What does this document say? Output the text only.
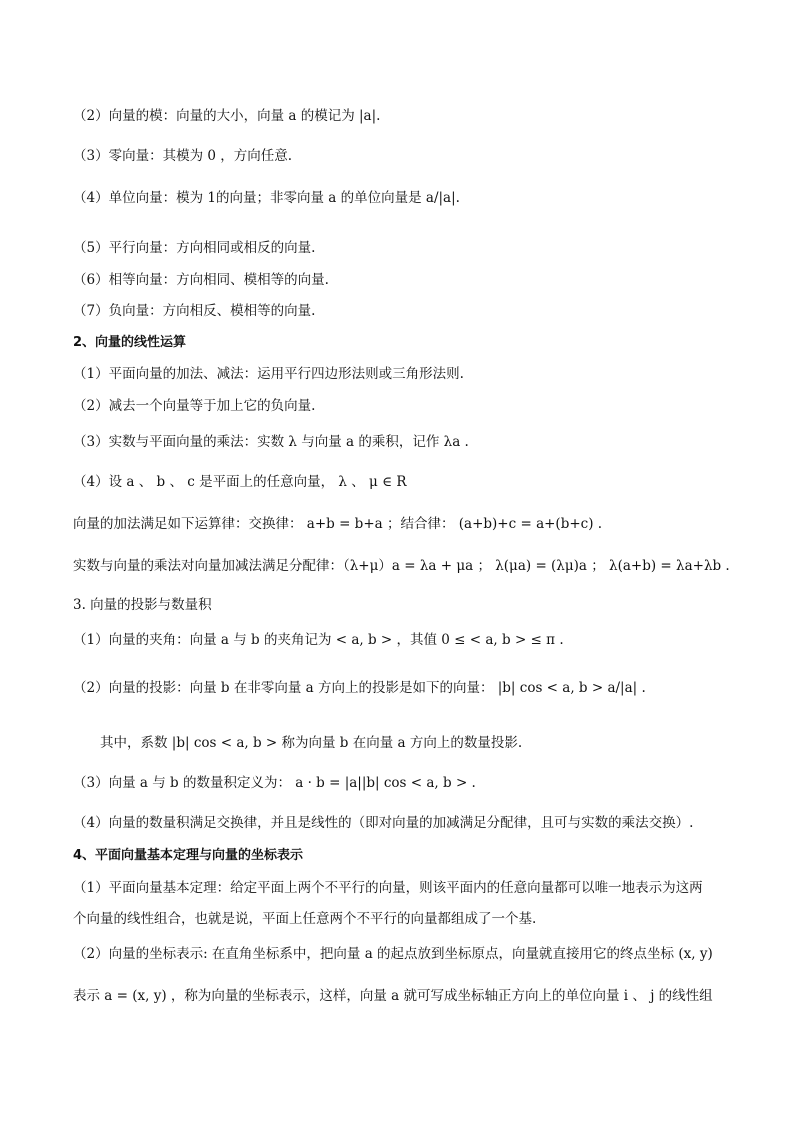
（2）向量的模：向量的大小，向量 a 的模记为 |a|.
（3）零向量：其模为 0 ，方向任意.
（4）单位向量：模为 1的向量；非零向量 a 的单位向量是 a/|a|.
（5）平行向量：方向相同或相反的向量.
（6）相等向量：方向相同、模相等的向量.
（7）负向量：方向相反、模相等的向量.
2、向量的线性运算
（1）平面向量的加法、减法：运用平行四边形法则或三角形法则.
（2）减去一个向量等于加上它的负向量.
（3）实数与平面向量的乘法：实数 λ 与向量 a 的乘积，记作 λa .
（4）设 a 、 b 、 c 是平面上的任意向量， λ 、 μ ∈ R
向量的加法满足如下运算律：交换律： a+b = b+a ；结合律： (a+b)+c = a+(b+c) .
实数与向量的乘法对向量加减法满足分配律：（λ+μ）a = λa + μa ； λ(μa) = (λμ)a ； λ(a+b) = λa+λb .
3. 向量的投影与数量积
（1）向量的夹角：向量 a 与 b 的夹角记为 < a, b > ，其值 0 ≤ < a, b > ≤ π .
（2）向量的投影：向量 b 在非零向量 a 方向上的投影是如下的向量： |b| cos < a, b > a/|a| .
其中，系数 |b| cos < a, b > 称为向量 b 在向量 a 方向上的数量投影.
（3）向量 a 与 b 的数量积定义为： a · b = |a||b| cos < a, b > .
（4）向量的数量积满足交换律，并且是线性的（即对向量的加减满足分配律，且可与实数的乘法交换）.
4、平面向量基本定理与向量的坐标表示
（1）平面向量基本定理：给定平面上两个不平行的向量，则该平面内的任意向量都可以唯一地表示为这两
个向量的线性组合，也就是说，平面上任意两个不平行的向量都组成了一个基.
（2）向量的坐标表示: 在直角坐标系中，把向量 a 的起点放到坐标原点，向量就直接用它的终点坐标 (x, y)
表示 a = (x, y) ，称为向量的坐标表示，这样，向量 a 就可写成坐标轴正方向上的单位向量 i 、 j 的线性组
